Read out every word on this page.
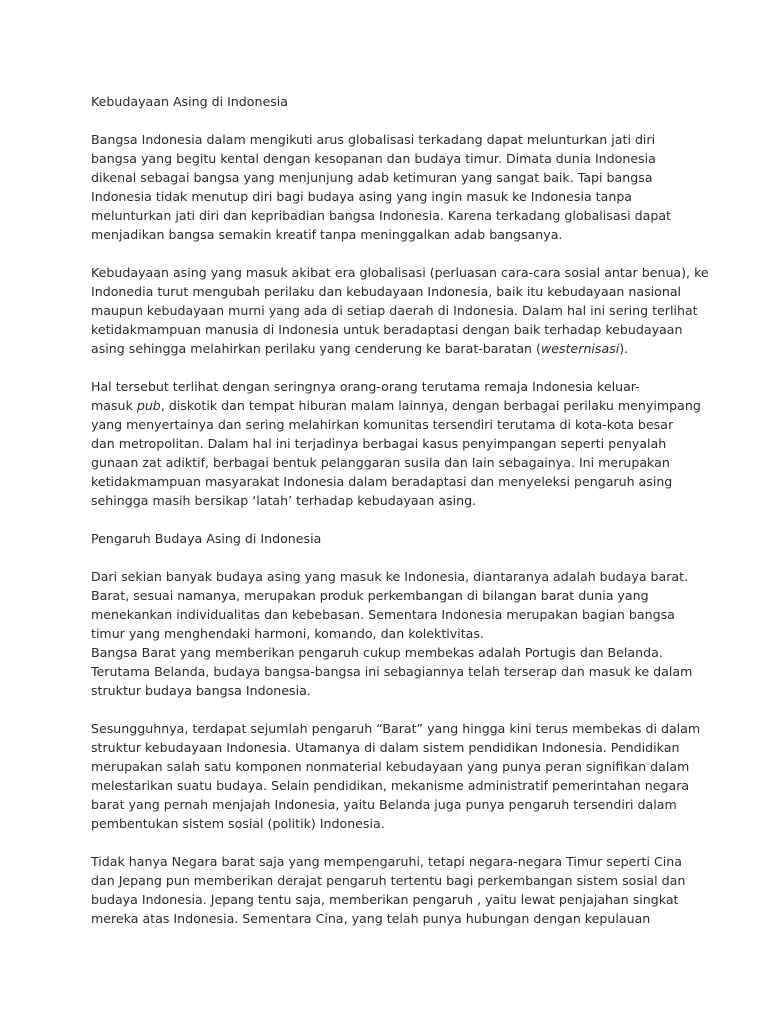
Kebudayaan Asing di Indonesia
Bangsa Indonesia dalam mengikuti arus globalisasi terkadang dapat melunturkan jati diri
bangsa yang begitu kental dengan kesopanan dan budaya timur. Dimata dunia Indonesia
dikenal sebagai bangsa yang menjunjung adab ketimuran yang sangat baik. Tapi bangsa
Indonesia tidak menutup diri bagi budaya asing yang ingin masuk ke Indonesia tanpa
melunturkan jati diri dan kepribadian bangsa Indonesia. Karena terkadang globalisasi dapat
menjadikan bangsa semakin kreatif tanpa meninggalkan adab bangsanya.
Kebudayaan asing yang masuk akibat era globalisasi (perluasan cara-cara sosial antar benua), ke
Indonedia turut mengubah perilaku dan kebudayaan Indonesia, baik itu kebudayaan nasional
maupun kebudayaan murni yang ada di setiap daerah di Indonesia. Dalam hal ini sering terlihat
ketidakmampuan manusia di Indonesia untuk beradaptasi dengan baik terhadap kebudayaan
asing sehingga melahirkan perilaku yang cenderung ke barat-baratan (westernisasi).
Hal tersebut terlihat dengan seringnya orang-orang terutama remaja Indonesia keluar-
masuk pub, diskotik dan tempat hiburan malam lainnya, dengan berbagai perilaku menyimpang
yang menyertainya dan sering melahirkan komunitas tersendiri terutama di kota-kota besar
dan metropolitan. Dalam hal ini terjadinya berbagai kasus penyimpangan seperti penyalah
gunaan zat adiktif, berbagai bentuk pelanggaran susila dan lain sebagainya. Ini merupakan
ketidakmampuan masyarakat Indonesia dalam beradaptasi dan menyeleksi pengaruh asing
sehingga masih bersikap ‘latah’ terhadap kebudayaan asing.
Pengaruh Budaya Asing di Indonesia
Dari sekian banyak budaya asing yang masuk ke Indonesia, diantaranya adalah budaya barat.
Barat, sesuai namanya, merupakan produk perkembangan di bilangan barat dunia yang
menekankan individualitas dan kebebasan. Sementara Indonesia merupakan bagian bangsa
timur yang menghendaki harmoni, komando, dan kolektivitas.
Bangsa Barat yang memberikan pengaruh cukup membekas adalah Portugis dan Belanda.
Terutama Belanda, budaya bangsa-bangsa ini sebagiannya telah terserap dan masuk ke dalam
struktur budaya bangsa Indonesia.
Sesungguhnya, terdapat sejumlah pengaruh “Barat” yang hingga kini terus membekas di dalam
struktur kebudayaan Indonesia. Utamanya di dalam sistem pendidikan Indonesia. Pendidikan
merupakan salah satu komponen nonmaterial kebudayaan yang punya peran signifikan dalam
melestarikan suatu budaya. Selain pendidikan, mekanisme administratif pemerintahan negara
barat yang pernah menjajah Indonesia, yaitu Belanda juga punya pengaruh tersendiri dalam
pembentukan sistem sosial (politik) Indonesia.
Tidak hanya Negara barat saja yang mempengaruhi, tetapi negara-negara Timur seperti Cina
dan Jepang pun memberikan derajat pengaruh tertentu bagi perkembangan sistem sosial dan
budaya Indonesia. Jepang tentu saja, memberikan pengaruh , yaitu lewat penjajahan singkat
mereka atas Indonesia. Sementara Cina, yang telah punya hubungan dengan kepulauan
